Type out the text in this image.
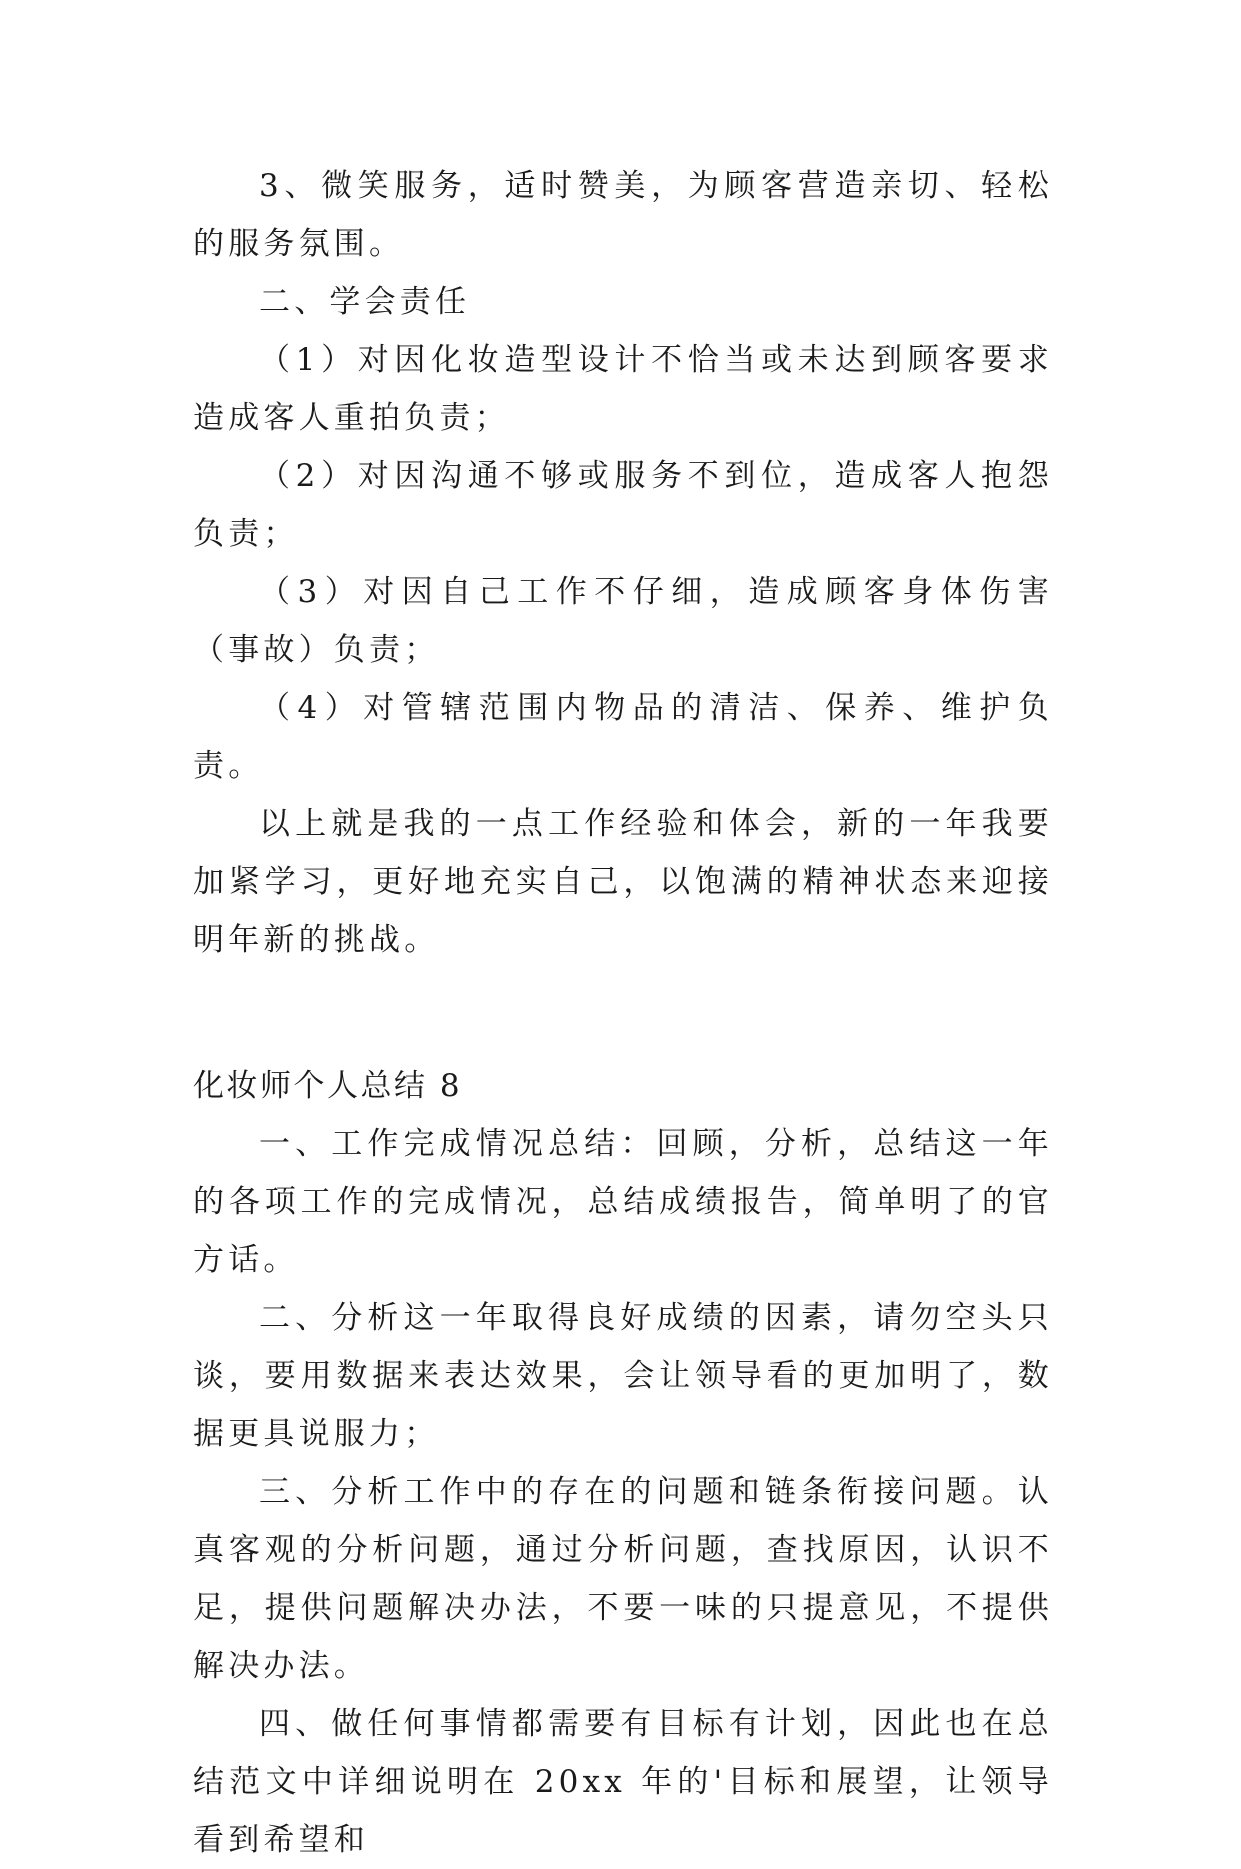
3、微笑服务，适时赞美，为顾客营造亲切、轻松的服务氛围。

二、学会责任

（1）对因化妆造型设计不恰当或未达到顾客要求造成客人重拍负责；

（2）对因沟通不够或服务不到位，造成客人抱怨负责；

（3）对因自己工作不仔细，造成顾客身体伤害（事故）负责；

（4）对管辖范围内物品的清洁、保养、维护负责。

以上就是我的一点工作经验和体会，新的一年我要加紧学习，更好地充实自己，以饱满的精神状态来迎接明年新的挑战。

化妆师个人总结 8

一、工作完成情况总结：回顾，分析，总结这一年的各项工作的完成情况，总结成绩报告，简单明了的官方话。

二、分析这一年取得良好成绩的因素，请勿空头只谈，要用数据来表达效果，会让领导看的更加明了，数据更具说服力；

三、分析工作中的存在的问题和链条衔接问题。认真客观的分析问题，通过分析问题，查找原因，认识不足，提供问题解决办法，不要一味的只提意见，不提供解决办法。

四、做任何事情都需要有目标有计划，因此也在总结范文中详细说明在 20xx 年的'目标和展望，让领导看到希望和
